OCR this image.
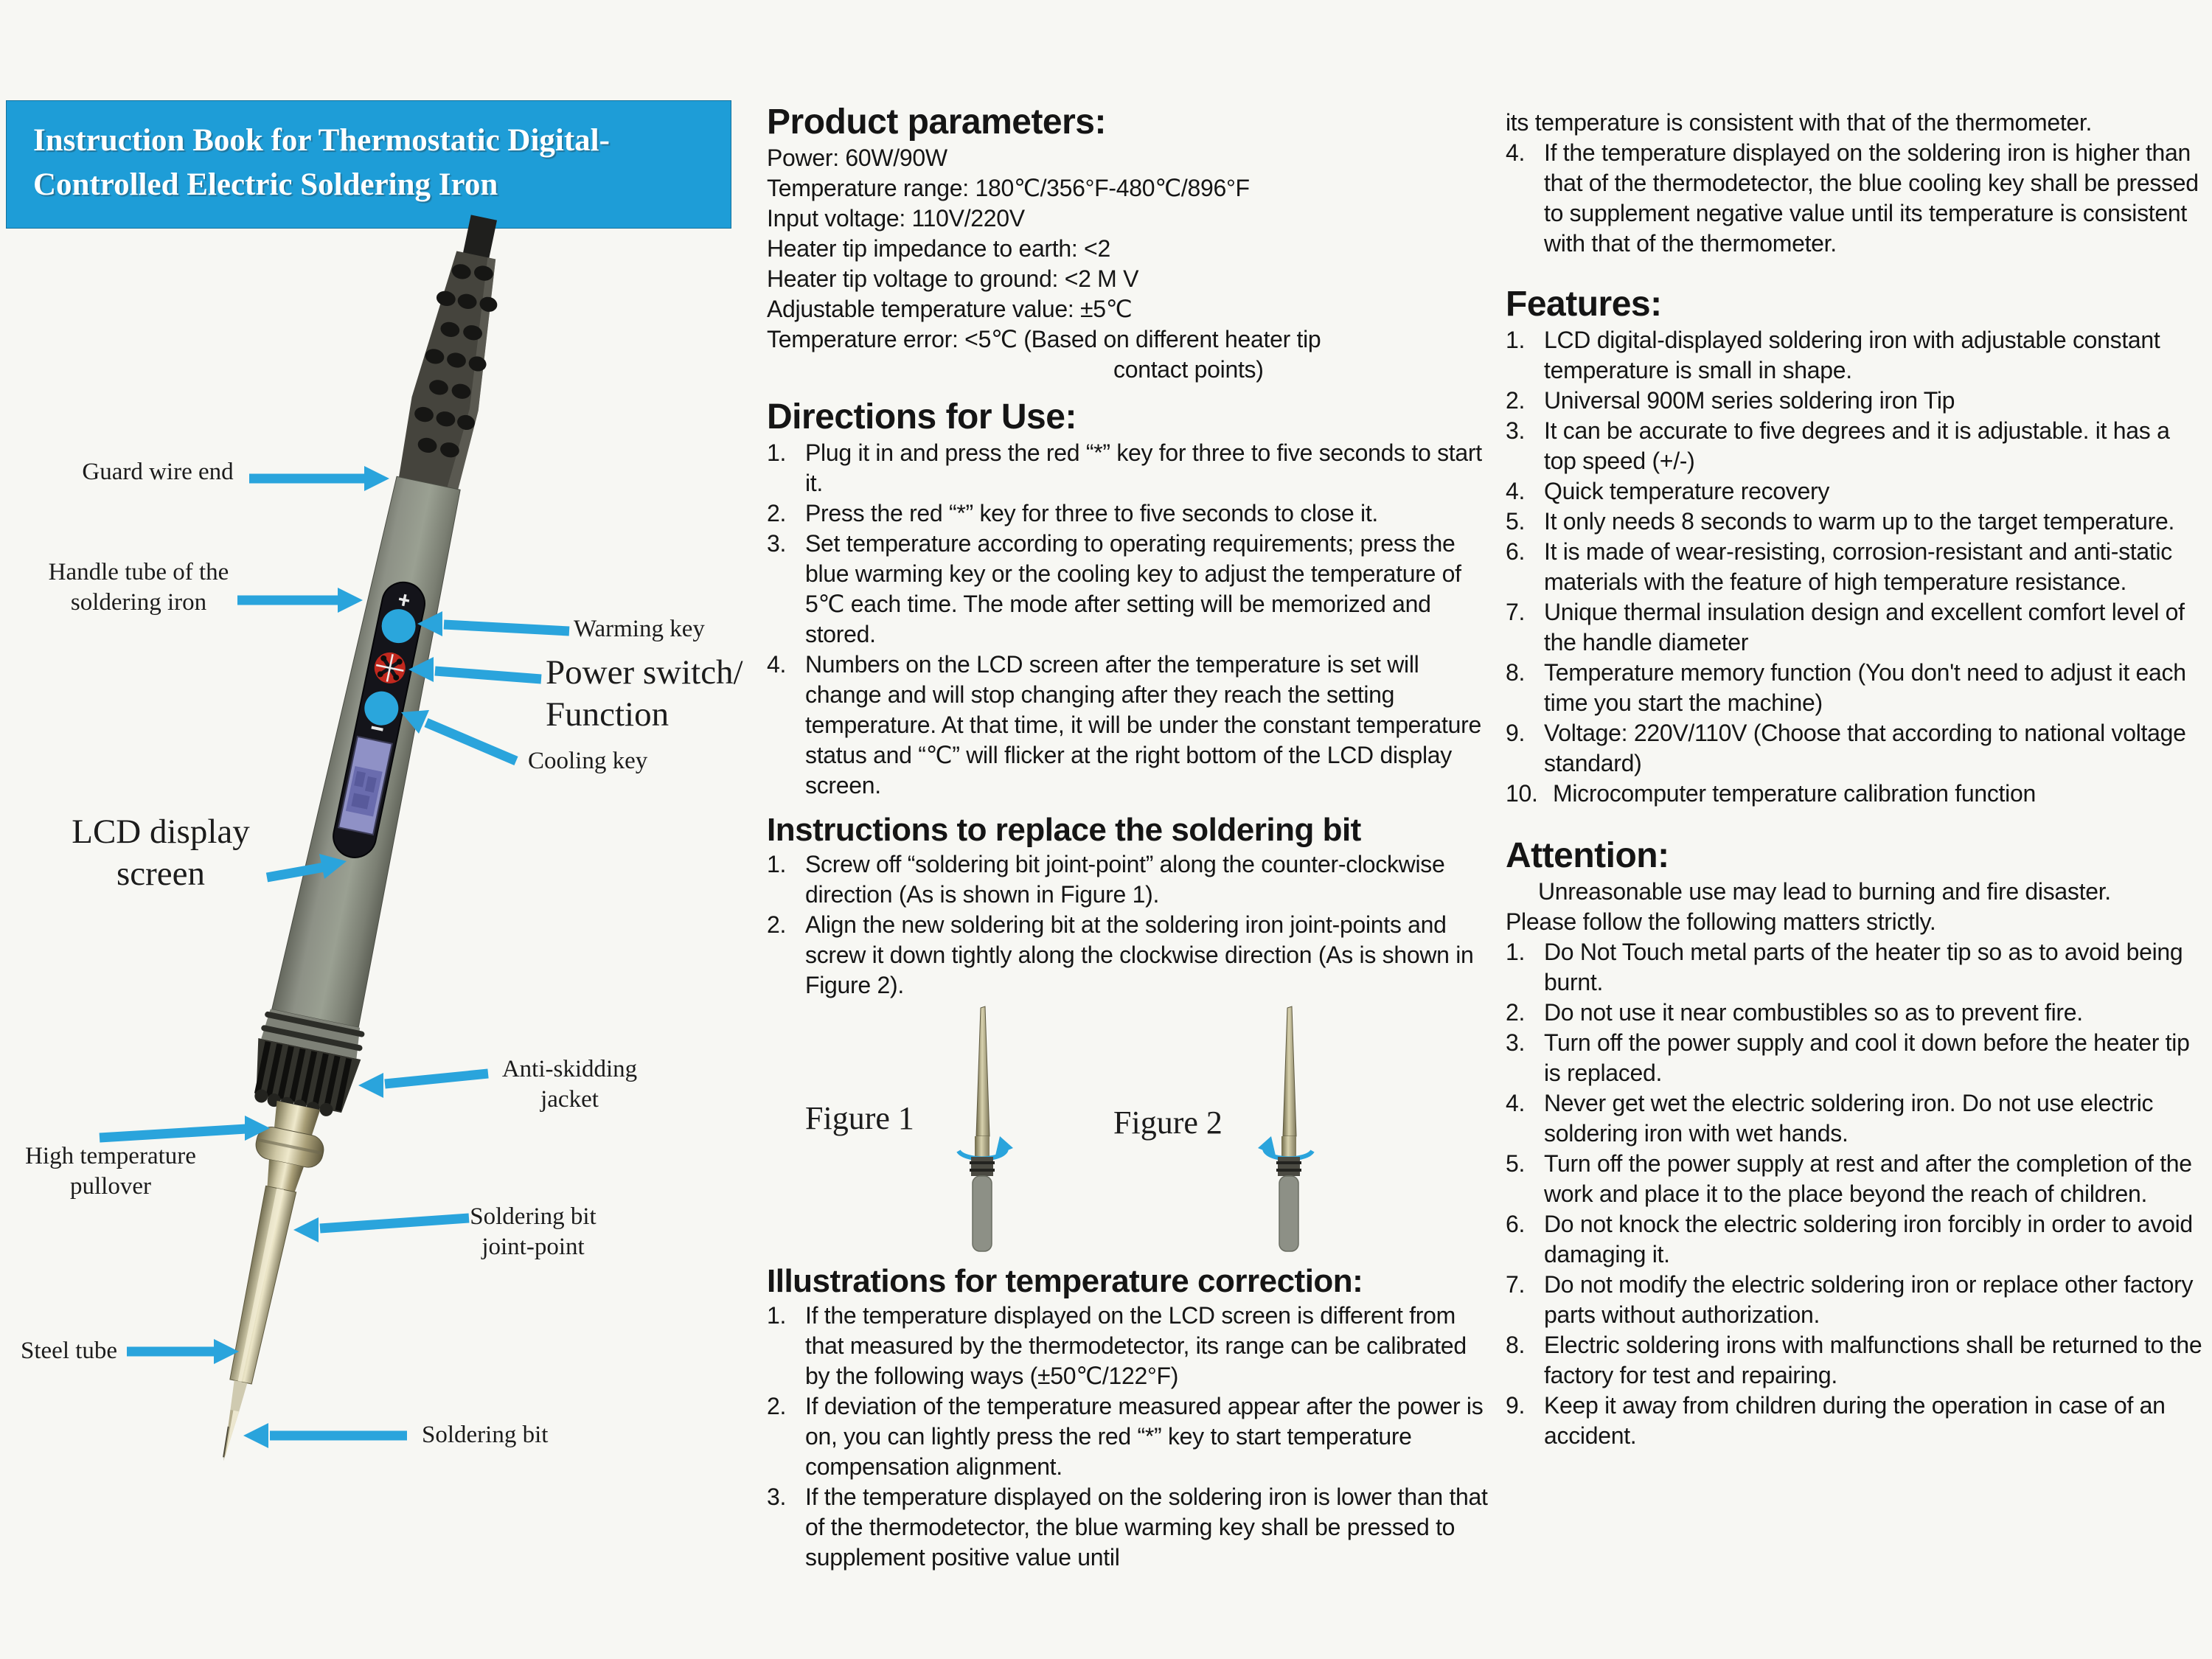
Instruction Book for Thermostatic Digital-
Controlled Electric Soldering Iron
Guard wire end
Handle tube of the
soldering iron
Warming key
Power switch/
Function
Cooling key
LCD display
screen
Anti-skidding
jacket
High temperature
pullover
Soldering bit
joint-point
Steel tube
Soldering bit
Product parameters:

Power: 60W/90W

Temperature range: 180℃/356°F-480℃/896°F

Input voltage: 110V/220V

Heater tip impedance to earth: <2

Heater tip voltage to ground: <2 M V

Adjustable temperature value: ±5℃

Temperature error: <5℃ (Based on different heater tip

contact points)

Directions for Use:
1. Plug it in and press the red “*” key for three to five seconds to start it.
2. Press the red “*” key for three to five seconds to close it.
3. Set temperature according to operating requirements; press the blue warming key or the cooling key to adjust the temperature of 5℃ each time. The mode after setting will be memorized and stored.
4. Numbers on the LCD screen after the temperature is set will change and will stop changing after they reach the setting temperature. At that time, it will be under the constant temperature status and “℃” will flicker at the right bottom of the LCD display screen.
Instructions to replace the soldering bit
1. Screw off “soldering bit joint-point” along the counter-clockwise direction (As is shown in Figure 1).
2. Align the new soldering bit at the soldering iron joint-points and screw it down tightly along the clockwise direction (As is shown in Figure 2).
Figure 1	Figure 2
Illustrations for temperature correction:
1. If the temperature displayed on the LCD screen is different from that measured by the thermodetector, its range can be calibrated by the following ways (±50℃/122°F)
2. If deviation of the temperature measured appear after the power is on, you can lightly press the red “*” key to start temperature compensation alignment.
3. If the temperature displayed on the soldering iron is lower than that of the thermodetector, the blue warming key shall be pressed to supplement positive value until

its temperature is consistent with that of the thermometer.

4. If the temperature displayed on the soldering iron is higher than that of the thermodetector, the blue cooling key shall be pressed to supplement negative value until its temperature is consistent with that of the thermometer.
Features:
1. LCD digital-displayed soldering iron with adjustable constant temperature is small in shape.
2. Universal 900M series soldering iron Tip
3. It can be accurate to five degrees and it is adjustable. it has a top speed (+/-)
4. Quick temperature recovery
5. It only needs 8 seconds to warm up to the target temperature.
6. It is made of wear-resisting, corrosion-resistant and anti-static materials with the feature of high temperature resistance.
7. Unique thermal insulation design and excellent comfort level of the handle diameter
8. Temperature memory function (You don't need to adjust it each time you start the machine)
9. Voltage: 220V/110V (Choose that according to national voltage standard)
10. Microcomputer temperature calibration function
Attention:

Unreasonable use may lead to burning and fire disaster.

Please follow the following matters strictly.

1. Do Not Touch metal parts of the heater tip so as to avoid being burnt.
2. Do not use it near combustibles so as to prevent fire.
3. Turn off the power supply and cool it down before the heater tip is replaced.
4. Never get wet the electric soldering iron. Do not use electric soldering iron with wet hands.
5. Turn off the power supply at rest and after the completion of the work and place it to the place beyond the reach of children.
6. Do not knock the electric soldering iron forcibly in order to avoid damaging it.
7. Do not modify the electric soldering iron or replace other factory parts without authorization.
8. Electric soldering irons with malfunctions shall be returned to the factory for test and repairing.
9. Keep it away from children during the operation in case of an accident.
